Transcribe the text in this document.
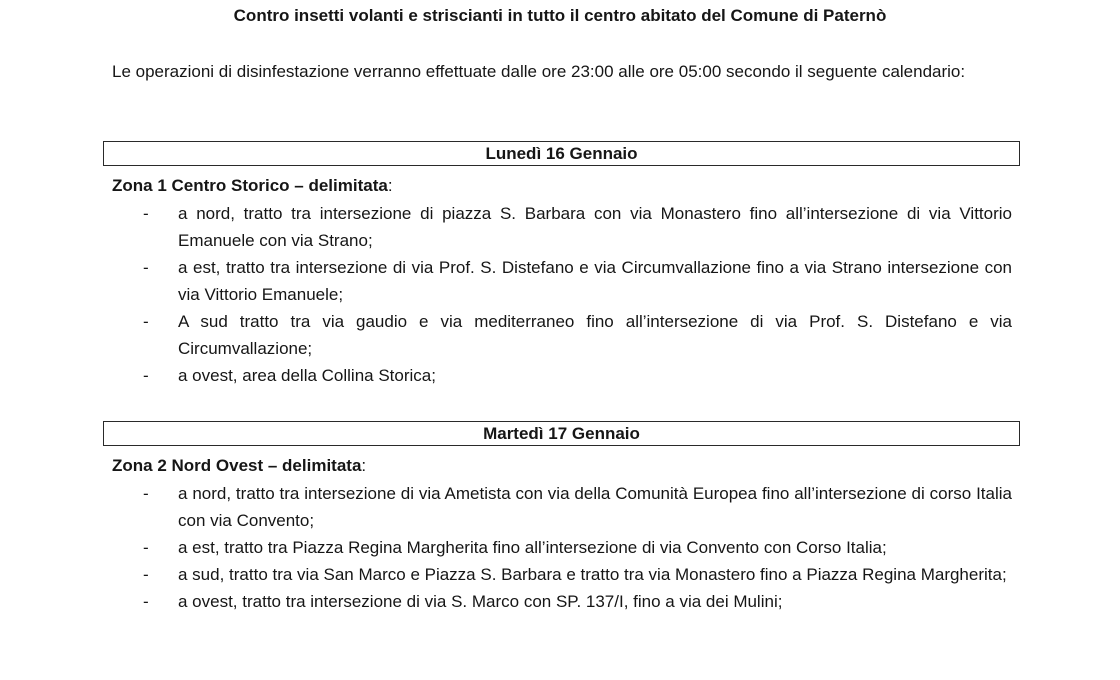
Contro insetti volanti e striscianti in tutto il centro abitato del Comune di Paternò
Le operazioni di disinfestazione verranno effettuate dalle ore 23:00 alle ore 05:00 secondo il seguente calendario:
Lunedì 16 Gennaio
Zona 1 Centro Storico – delimitata:
- a nord, tratto tra intersezione di piazza S. Barbara con via Monastero fino all’intersezione di via Vittorio Emanuele con via Strano;
- a est, tratto tra intersezione di via Prof. S. Distefano e via Circumvallazione fino a via Strano intersezione con via Vittorio Emanuele;
- A sud tratto tra via gaudio e via mediterraneo fino all’intersezione di via Prof. S. Distefano e via Circumvallazione;
- a ovest, area della Collina Storica;
Martedì 17 Gennaio
Zona 2 Nord Ovest – delimitata:
- a nord, tratto tra intersezione di via Ametista con via della Comunità Europea fino all’intersezione di corso Italia con via Convento;
- a est, tratto tra Piazza Regina Margherita fino all’intersezione di via Convento con Corso Italia;
- a sud, tratto tra via San Marco e Piazza S. Barbara e tratto tra via Monastero fino a Piazza Regina Margherita;
- a ovest, tratto tra intersezione di via S. Marco con SP. 137/I, fino a via dei Mulini;
